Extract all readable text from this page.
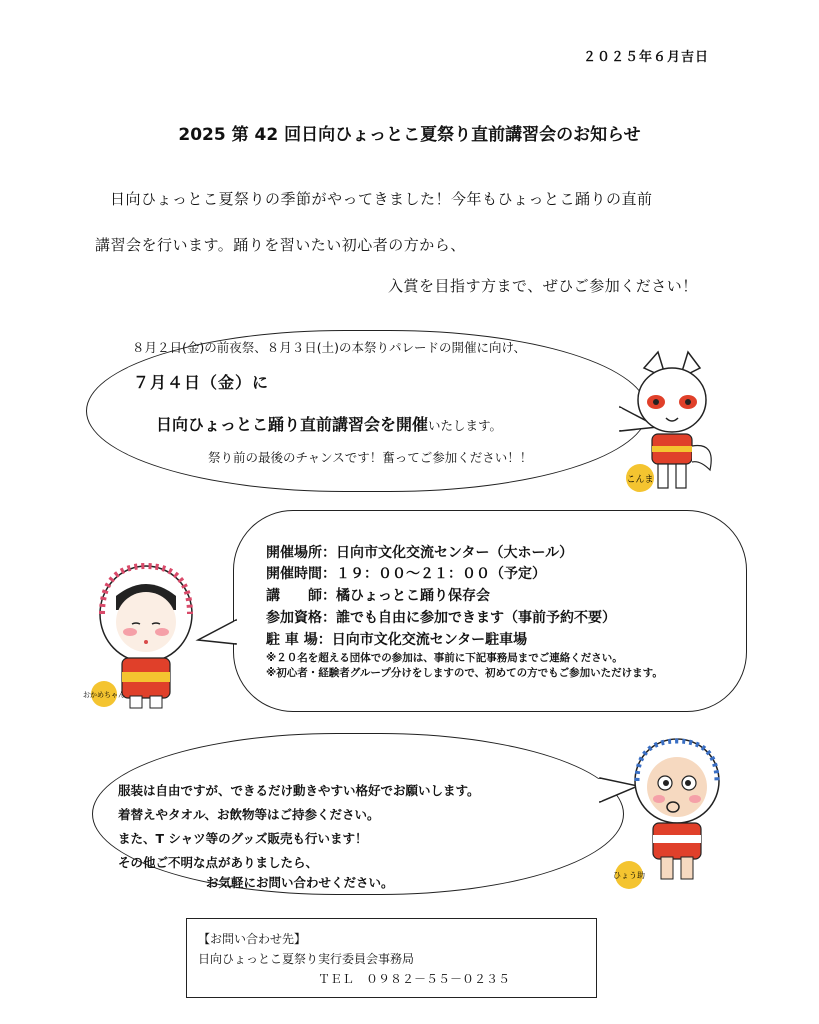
２０２５年６月吉日
2025 第 42 回日向ひょっとこ夏祭り直前講習会のお知らせ
日向ひょっとこ夏祭りの季節がやってきました！今年もひょっとこ踊りの直前
講習会を行います。踊りを習いたい初心者の方から、
入賞を目指す方まで、ぜひご参加ください！
８月２日(金)の前夜祭、８月３日(土)の本祭りパレードの開催に向け、
７月４日（金）に
日向ひょっとこ踊り直前講習会を開催いたします。
祭り前の最後のチャンスです！奮ってご参加ください！！
こんま
開催場所：日向市文化交流センター（大ホール）
開催時間：１９：００～２１：００（予定）
講　　師：橘ひょっとこ踊り保存会
参加資格：誰でも自由に参加できます（事前予約不要）
駐 車 場：日向市文化交流センター駐車場
※２０名を超える団体での参加は、事前に下記事務局までご連絡ください。
※初心者・経験者グループ分けをしますので、初めての方でもご参加いただけます。
おかめちゃん
服装は自由ですが、できるだけ動きやすい格好でお願いします。
着替えやタオル、お飲物等はご持参ください。
また、T シャツ等のグッズ販売も行います！
その他ご不明な点がありましたら、
お気軽にお問い合わせください。	ひょう助
【お問い合わせ先】
日向ひょっとこ夏祭り実行委員会事務局
ＴＥＬ　０９８２－５５－０２３５
